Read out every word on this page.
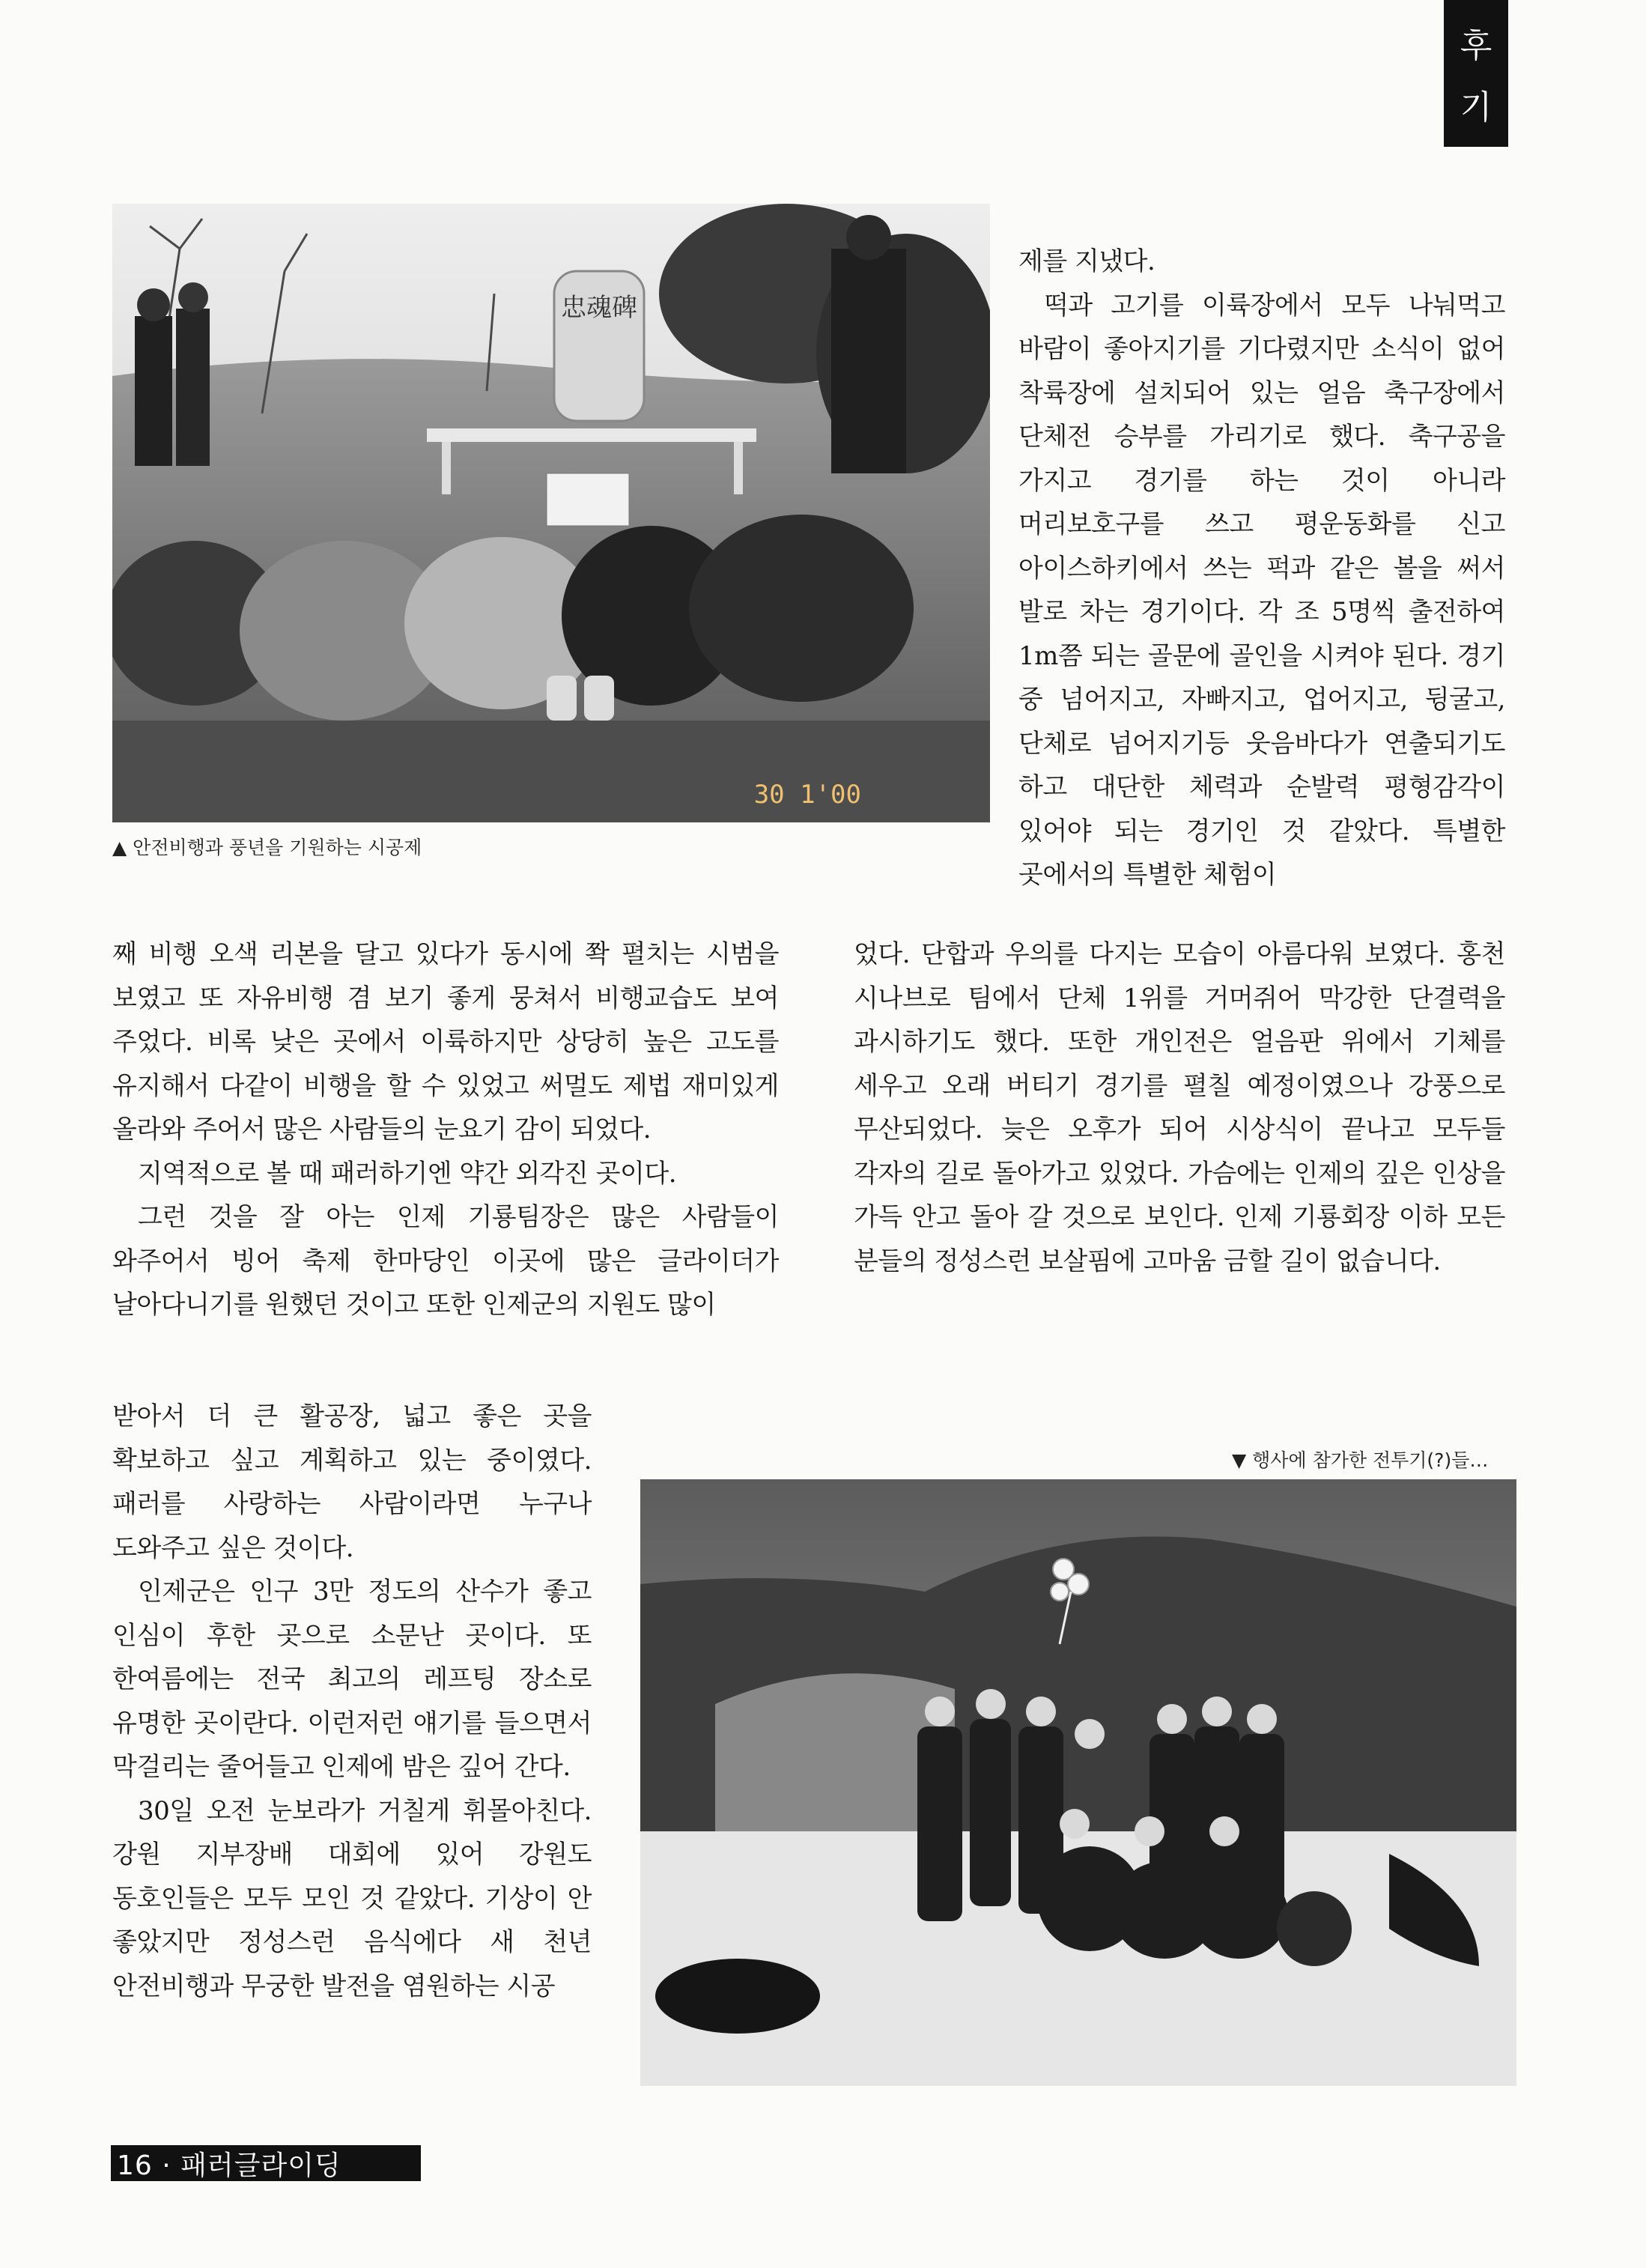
후
기
忠魂碑
30 1'00
▲ 안전비행과 풍년을 기원하는 시공제

제를 지냈다.

떡과 고기를 이륙장에서 모두 나눠먹고 바람이 좋아지기를 기다렸지만 소식이 없어 착륙장에 설치되어 있는 얼음 축구장에서 단체전 승부를 가리기로 했다. 축구공을 가지고 경기를 하는 것이 아니라 머리보호구를 쓰고 평운동화를 신고 아이스하키에서 쓰는 퍽과 같은 볼을 써서 발로 차는 경기이다. 각 조 5명씩 출전하여 1m쯤 되는 골문에 골인을 시켜야 된다. 경기 중 넘어지고, 자빠지고, 업어지고, 뒹굴고, 단체로 넘어지기등 웃음바다가 연출되기도 하고 대단한 체력과 순발력 평형감각이 있어야 되는 경기인 것 같았다. 특별한 곳에서의 특별한 체험이

었다. 단합과 우의를 다지는 모습이 아름다워 보였다. 홍천 시나브로 팀에서 단체 1위를 거머쥐어 막강한 단결력을 과시하기도 했다. 또한 개인전은 얼음판 위에서 기체를 세우고 오래 버티기 경기를 펼칠 예정이였으나 강풍으로 무산되었다. 늦은 오후가 되어 시상식이 끝나고 모두들 각자의 길로 돌아가고 있었다. 가슴에는 인제의 깊은 인상을 가득 안고 돌아 갈 것으로 보인다. 인제 기룡회장 이하 모든 분들의 정성스런 보살핌에 고마움 금할 길이 없습니다.

째 비행 오색 리본을 달고 있다가 동시에 쫙 펼치는 시범을 보였고 또 자유비행 겸 보기 좋게 뭉쳐서 비행교습도 보여 주었다. 비록 낮은 곳에서 이륙하지만 상당히 높은 고도를 유지해서 다같이 비행을 할 수 있었고 써멀도 제법 재미있게 올라와 주어서 많은 사람들의 눈요기 감이 되었다.

지역적으로 볼 때 패러하기엔 약간 외각진 곳이다.

그런 것을 잘 아는 인제 기룡팀장은 많은 사람들이 와주어서 빙어 축제 한마당인 이곳에 많은 글라이더가 날아다니기를 원했던 것이고 또한 인제군의 지원도 많이

받아서 더 큰 활공장, 넓고 좋은 곳을 확보하고 싶고 계획하고 있는 중이였다. 패러를 사랑하는 사람이라면 누구나 도와주고 싶은 것이다.

인제군은 인구 3만 정도의 산수가 좋고 인심이 후한 곳으로 소문난 곳이다. 또 한여름에는 전국 최고의 레프팅 장소로 유명한 곳이란다. 이런저런 얘기를 들으면서 막걸리는 줄어들고 인제에 밤은 깊어 간다.

30일 오전 눈보라가 거칠게 휘몰아친다. 강원 지부장배 대회에 있어 강원도 동호인들은 모두 모인 것 같았다. 기상이 안 좋았지만 정성스런 음식에다 새 천년 안전비행과 무궁한 발전을 염원하는 시공

▼ 행사에 참가한 전투기(?)들…
16 · 패러글라이딩
